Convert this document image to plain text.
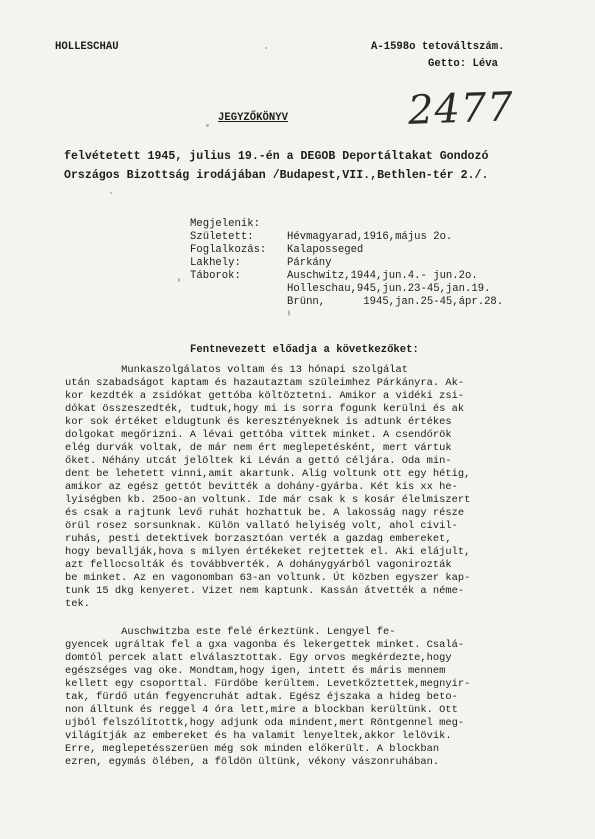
HOLLESCHAU	A-1598o tetováltszám.
Getto: Léva
2477
JEGYZŐKÖNYV
felvétetett 1945, julius 19.-én a DEGOB Deportáltakat Gondozó
Országos Bizottság irodájában /Budapest,VII.,Bethlen-tér 2./.
Megjelenik:
Született:
Foglalkozás:
Lakhely:
Táborok:
Hévmagyarad,1916,május 2o.
Kalaposseged
Párkány
Auschwitz,1944,jun.4.- jun.2o.
Holleschau,945,jun.23-45,jan.19.
Brünn,      1945,jan.25-45,ápr.28.
Fentnevezett előadja a következőket:
Munkaszolgálatos voltam és 13 hónapi szolgálat
után szabadságot kaptam és hazautaztam szüleimhez Párkányra. Ak-
kor kezdték a zsidókat gettóba költöztetni. Amikor a vidéki zsi-
dókat összeszedték, tudtuk,hogy mi is sorra fogunk kerülni és ak
kor sok értéket eldugtunk és keresztényeknek is adtunk értékes
dolgokat megőrizni. A lévai gettóba vittek minket. A csendőrök
elég durvák voltak, de már nem ért meglepetésként, mert vártuk
őket. Néhány utcát jelöltek ki Léván a gettó céljára. Oda min-
dent be lehetett vinni,amit akartunk. Alig voltunk ott egy hétig,
amikor az egész gettót bevitték a dohány-gyárba. Két kis xx he-
lyiségben kb. 25oo-an voltunk. Ide már csak k s kosár élelmiszert
és csak a rajtunk levő ruhát hozhattuk be. A lakosság nagy része
örül rosez sorsunknak. Külön vallató helyiség volt, ahol civil-
ruhás, pesti detektivek borzasztóan verték a gazdag embereket,
hogy bevallják,hova s milyen értékeket rejtettek el. Aki elájult,
azt fellocsolták és továbbverték. A dohánygyárból vagonirozták
be minket. Az en vagonomban 63-an voltunk. Út közben egyszer kap-
tunk 15 dkg kenyeret. Vizet nem kaptunk. Kassán átvették a néme-
tek.
Auschwitzba este felé érkeztünk. Lengyel fe-
gyencek ugráltak fel a gxa vagonba és lekergettek minket. Csalá-
domtól percek alatt elválasztottak. Egy orvos megkérdezte,hogy
egészséges vag oke. Mondtam,hogy igen, intett és máris mennem
kellett egy csoporttal. Fürdőbe kerültem. Levetkőztettek,megnyir-
tak, fürdő után fegyencruhát adtak. Egész éjszaka a hideg beto-
non álltunk és reggel 4 óra lett,mire a blockban kerültünk. Ott
ujból felszólítottk,hogy adjunk oda mindent,mert Röntgennel meg-
világítják az embereket és ha valamit lenyeltek,akkor lelövik.
Erre, meglepetésszerüen még sok minden előkerült. A blockban
ezren, egymás ölében, a földön ültünk, vékony vászonruhában.
